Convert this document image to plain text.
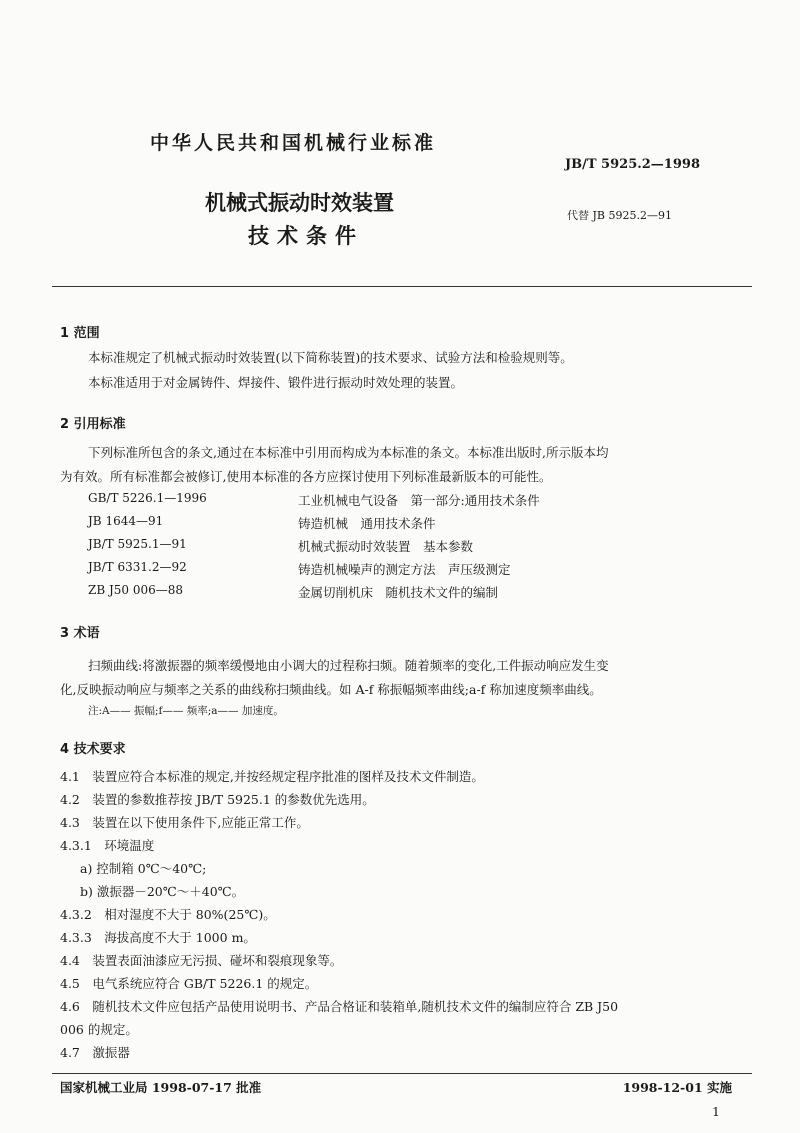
中华人民共和国机械行业标准
JB/T 5925.2—1998
机械式振动时效装置
技术条件
代替 JB 5925.2—91
1 范围
本标准规定了机械式振动时效装置(以下简称装置)的技术要求、试验方法和检验规则等。
本标准适用于对金属铸件、焊接件、锻件进行振动时效处理的装置。
2 引用标准
下列标准所包含的条文,通过在本标准中引用而构成为本标准的条文。本标准出版时,所示版本均
为有效。所有标准都会被修订,使用本标准的各方应探讨使用下列标准最新版本的可能性。
GB/T 5226.1—1996	工业机械电气设备　第一部分:通用技术条件
JB 1644—91	铸造机械　通用技术条件
JB/T 5925.1—91	机械式振动时效装置　基本参数
JB/T 6331.2—92	铸造机械噪声的测定方法　声压级测定
ZB J50 006—88	金属切削机床　随机技术文件的编制
3 术语
扫频曲线:将激振器的频率缓慢地由小调大的过程称扫频。随着频率的变化,工件振动响应发生变
化,反映振动响应与频率之关系的曲线称扫频曲线。如 A-f 称振幅频率曲线;a-f 称加速度频率曲线。
注:A—— 振幅;f—— 频率;a—— 加速度。
4 技术要求
4.1　装置应符合本标准的规定,并按经规定程序批准的图样及技术文件制造。
4.2　装置的参数推荐按 JB/T 5925.1 的参数优先选用。
4.3　装置在以下使用条件下,应能正常工作。
4.3.1　环境温度
a) 控制箱 0℃～40℃;
b) 激振器－20℃～＋40℃。
4.3.2　相对湿度不大于 80%(25℃)。
4.3.3　海拔高度不大于 1000 m。
4.4　装置表面油漆应无污损、碰坏和裂痕现象等。
4.5　电气系统应符合 GB/T 5226.1 的规定。
4.6　随机技术文件应包括产品使用说明书、产品合格证和装箱单,随机技术文件的编制应符合 ZB J50
006 的规定。
4.7　激振器
国家机械工业局 1998-07-17 批准	1998-12-01 实施
1
